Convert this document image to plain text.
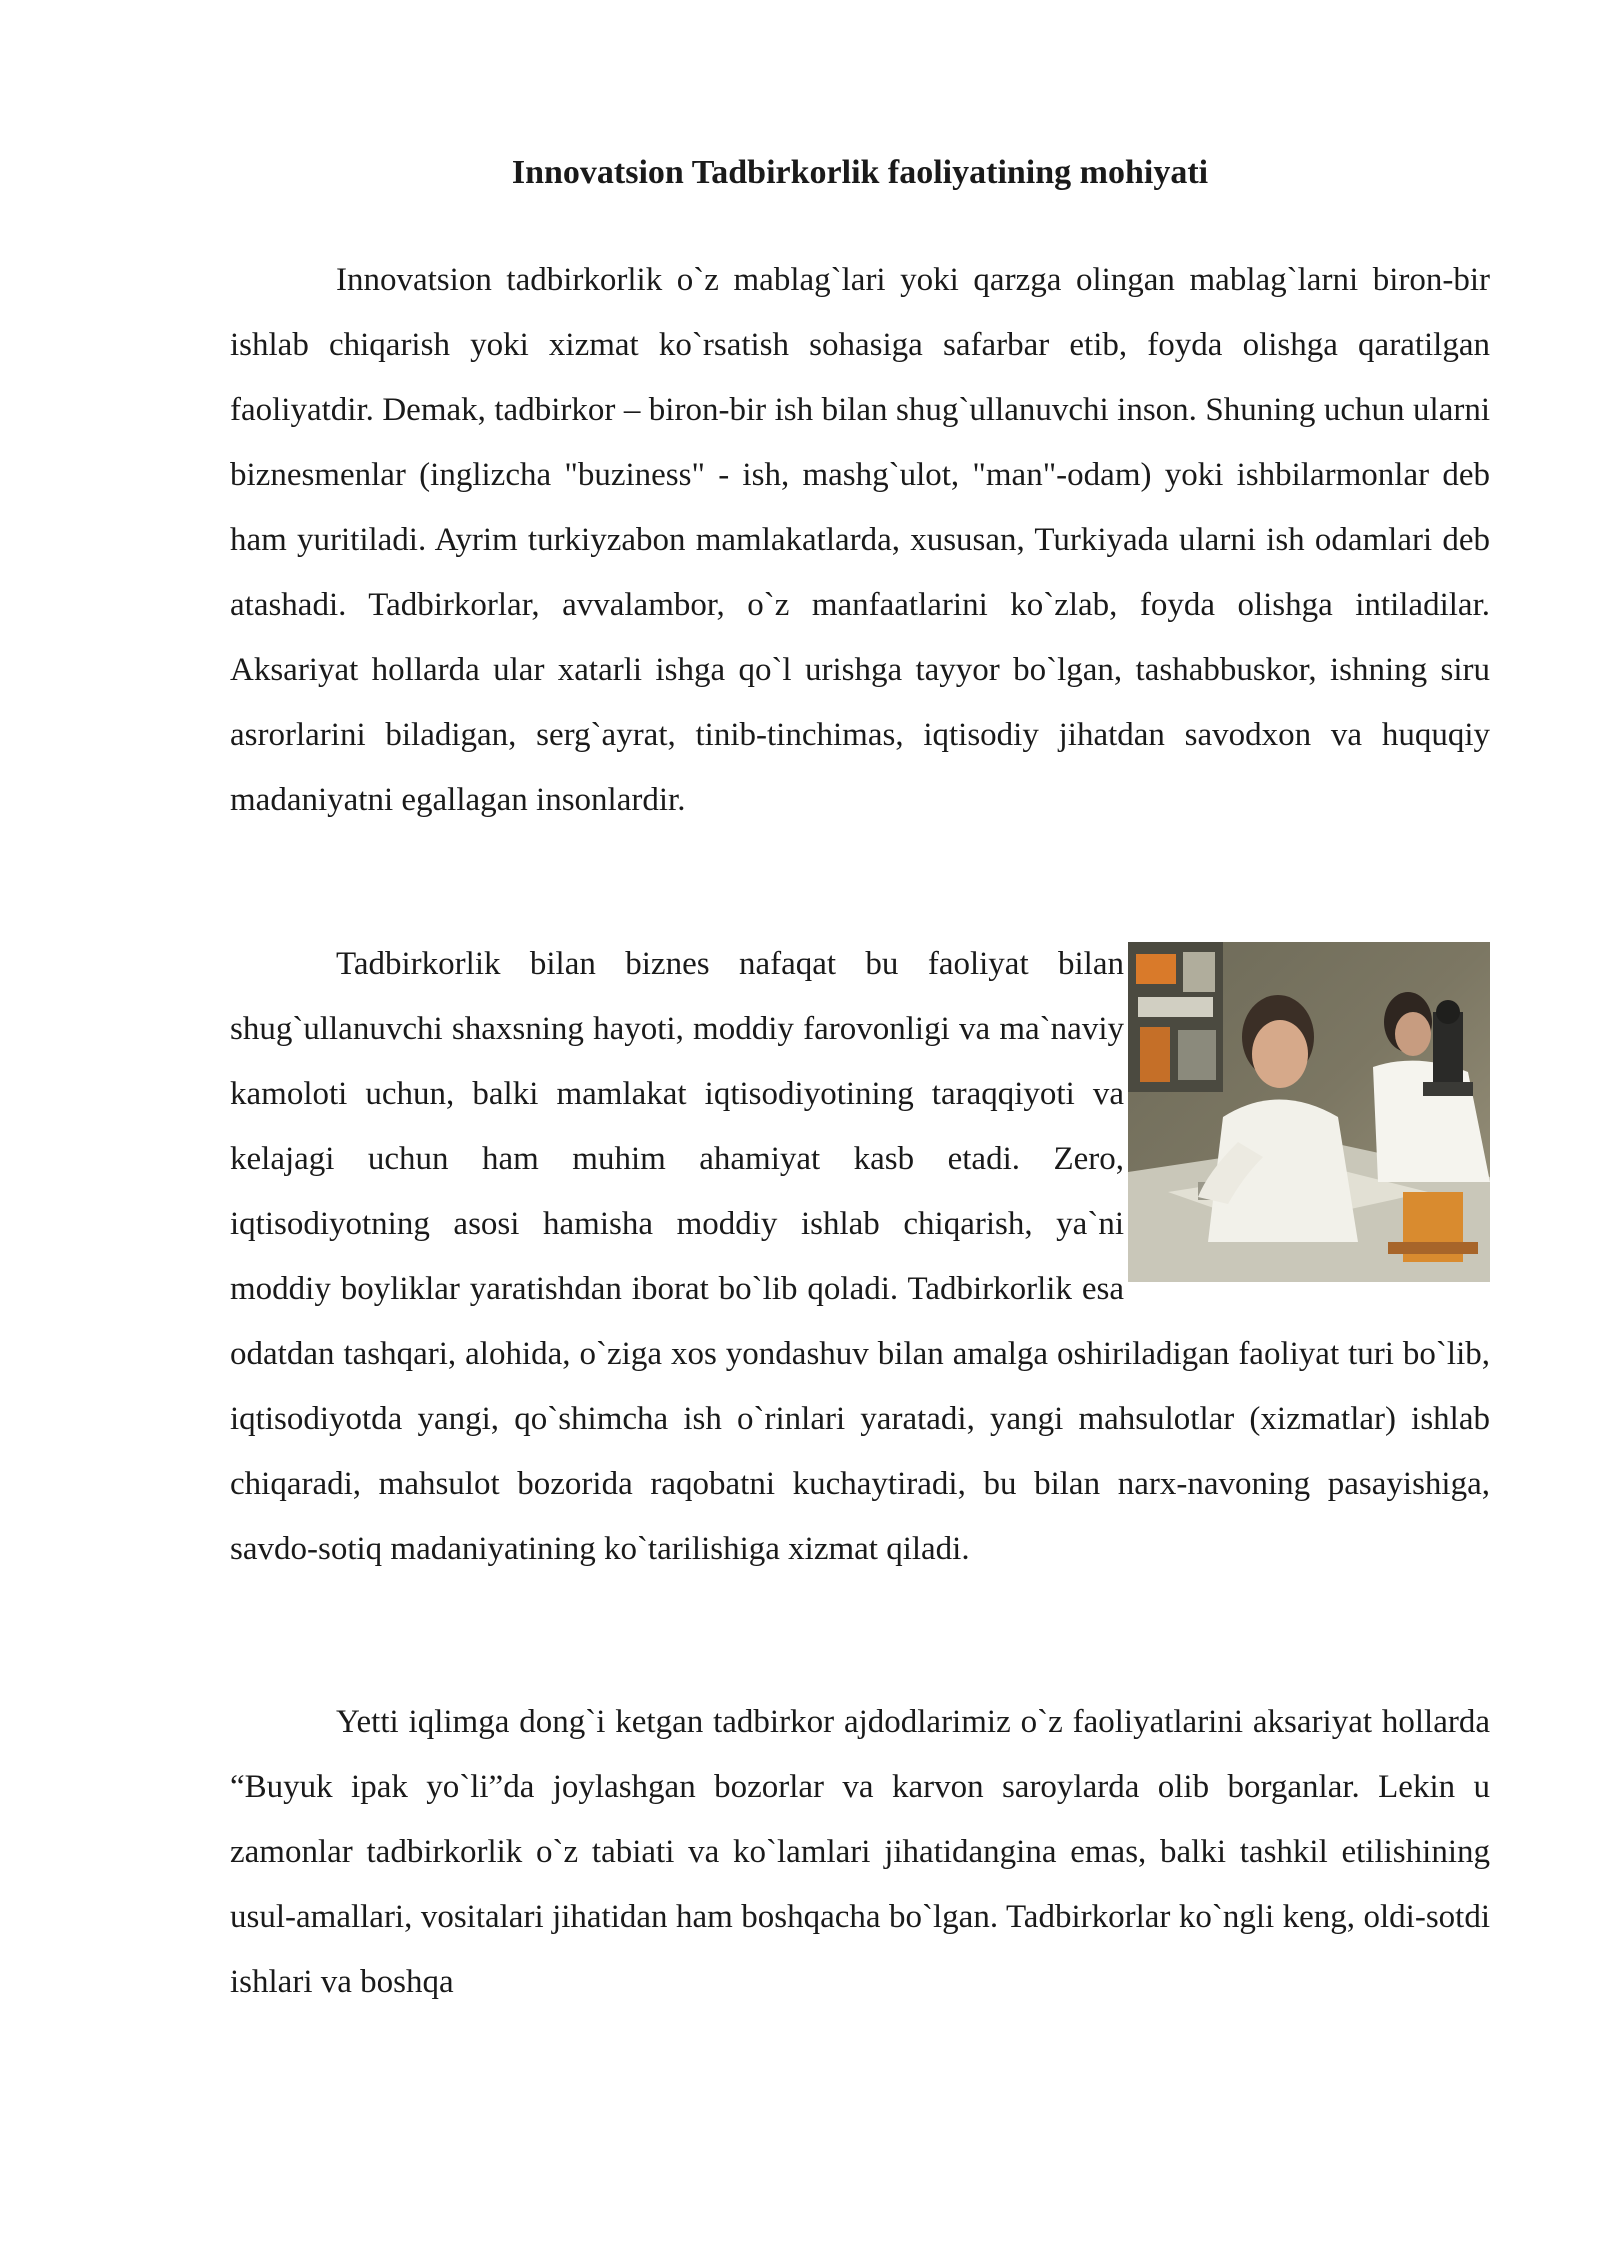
Innovatsion Tadbirkorlik faoliyatining mohiyati
Innovatsion tadbirkorlik o`z mablag`lari yoki qarzga olingan mablag`larni biron-bir ishlab chiqarish yoki xizmat ko`rsatish sohasiga safarbar etib, foyda olishga qaratilgan faoliyatdir. Demak, tadbirkor – biron-bir ish bilan shug`ullanuvchi inson. Shuning uchun ularni biznesmenlar (inglizcha "buziness" - ish, mashg`ulot, "man"-odam) yoki ishbilarmonlar deb ham yuritiladi. Ayrim turkiyzabon mamlakatlarda, xususan, Turkiyada ularni ish odamlari deb atashadi. Tadbirkorlar, avvalambor, o`z manfaatlarini ko`zlab, foyda olishga intiladilar. Aksariyat hollarda ular xatarli ishga qo`l urishga tayyor bo`lgan, tashabbuskor, ishning siru asrorlarini biladigan, serg`ayrat, tinib-tinchimas, iqtisodiy jihatdan savodxon va huquqiy madaniyatni egallagan insonlardir.
Tadbirkorlik bilan biznes nafaqat bu faoliyat bilan shug`ullanuvchi shaxsning hayoti, moddiy farovonligi va ma`naviy kamoloti uchun, balki mamlakat iqtisodiyotining taraqqiyoti va kelajagi uchun ham muhim ahamiyat kasb etadi. Zero, iqtisodiyotning asosi hamisha moddiy ishlab chiqarish, ya`ni moddiy boyliklar yaratishdan iborat bo`lib qoladi. Tadbirkorlik esa odatdan tashqari, alohida, o`ziga xos yondashuv bilan amalga oshiriladigan faoliyat turi bo`lib, iqtisodiyotda yangi, qo`shimcha ish o`rinlari yaratadi, yangi mahsulotlar (xizmatlar) ishlab chiqaradi, mahsulot bozorida raqobatni kuchaytiradi, bu bilan narx-navoning pasayishiga, savdo-sotiq madaniyatining ko`tarilishiga xizmat qiladi.
Yetti iqlimga dong`i ketgan tadbirkor ajdodlarimiz o`z faoliyatlarini aksariyat hollarda “Buyuk ipak yo`li”da joylashgan bozorlar va karvon saroylarda olib borganlar. Lekin u zamonlar tadbirkorlik o`z tabiati va ko`lamlari jihatidangina emas, balki tashkil etilishining usul-amallari, vositalari jihatidan ham boshqacha bo`lgan. Tadbirkorlar ko`ngli keng, oldi-sotdi ishlari va boshqa
